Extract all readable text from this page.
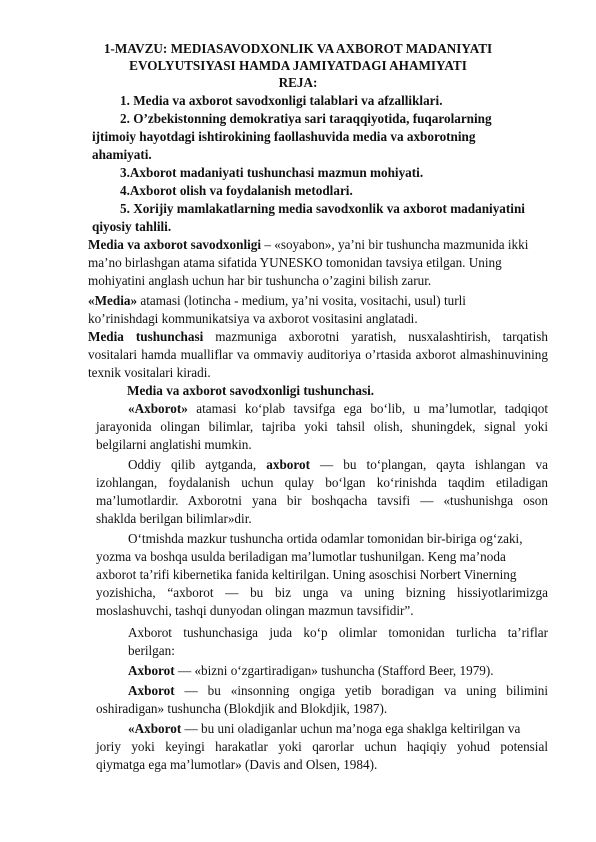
1-MAVZU: MEDIASAVODXONLIK VA AXBOROT MADANIYATI
EVOLYUTSIYASI HAMDA JAMIYATDAGI AHAMIYATI
REJA:
1. Media va axborot savodxonligi talablari va afzalliklari.
2. O’zbekistonning demokratiya sari taraqqiyotida, fuqarolarning
ijtimoiy hayotdagi ishtirokining faollashuvida media va axborotning
ahamiyati.
3.Axborot madaniyati tushunchasi mazmun mohiyati.
4.Axborot olish va foydalanish metodlari.
5. Xorijiy mamlakatlarning media savodxonlik va axborot madaniyatini
qiyosiy tahlili.
Media va axborot savodxonligi – «soyabon», ya’ni bir tushuncha mazmunida ikki
ma’no birlashgan atama sifatida YUNESKO tomonidan tavsiya etilgan. Uning
mohiyatini anglash uchun har bir tushuncha o’zagini bilish zarur.
«Media» atamasi (lotincha - medium, ya’ni vosita, vositachi, usul) turli
ko’rinishdagi kommunikatsiya va axborot vositasini anglatadi.
Media tushunchasi mazmuniga axborotni yaratish, nusxalashtirish, tarqatish
vositalari hamda mualliflar va ommaviy auditoriya o’rtasida axborot almashinuvining
texnik vositalari kiradi.
Media va axborot savodxonligi tushunchasi.
«Axborot» atamasi ko‘plab tavsifga ega bo‘lib, u ma’lumotlar, tadqiqot
jarayonida olingan bilimlar, tajriba yoki tahsil olish, shuningdek, signal yoki
belgilarni anglatishi mumkin.
Oddiy qilib aytganda, axborot — bu to‘plangan, qayta ishlangan va
izohlangan, foydalanish uchun qulay bo‘lgan ko‘rinishda taqdim etiladigan
ma’lumotlardir. Axborotni yana bir boshqacha tavsifi — «tushunishga oson
shaklda berilgan bilimlar»dir.
O‘tmishda mazkur tushuncha ortida odamlar tomonidan bir-biriga og‘zaki,
yozma va boshqa usulda beriladigan ma’lumotlar tushunilgan. Keng ma’noda
axborot ta’rifi kibernetika fanida keltirilgan. Uning asoschisi Norbert Vinerning
yozishicha, “axborot — bu biz unga va uning bizning hissiyotlarimizga
moslashuvchi, tashqi dunyodan olingan mazmun tavsifidir”.
Axborot tushunchasiga juda ko‘p olimlar tomonidan turlicha ta’riflar
berilgan:
Axborot — «bizni o‘zgartiradigan» tushuncha (Stafford Beer, 1979).
Axborot — bu «insonning ongiga yetib boradigan va uning bilimini
oshiradigan» tushuncha (Blokdjik and Blokdjik, 1987).
«Axborot — bu uni oladiganlar uchun ma’noga ega shaklga keltirilgan va
joriy yoki keyingi harakatlar yoki qarorlar uchun haqiqiy yohud potensial
qiymatga ega ma’lumotlar» (Davis and Olsen, 1984).
